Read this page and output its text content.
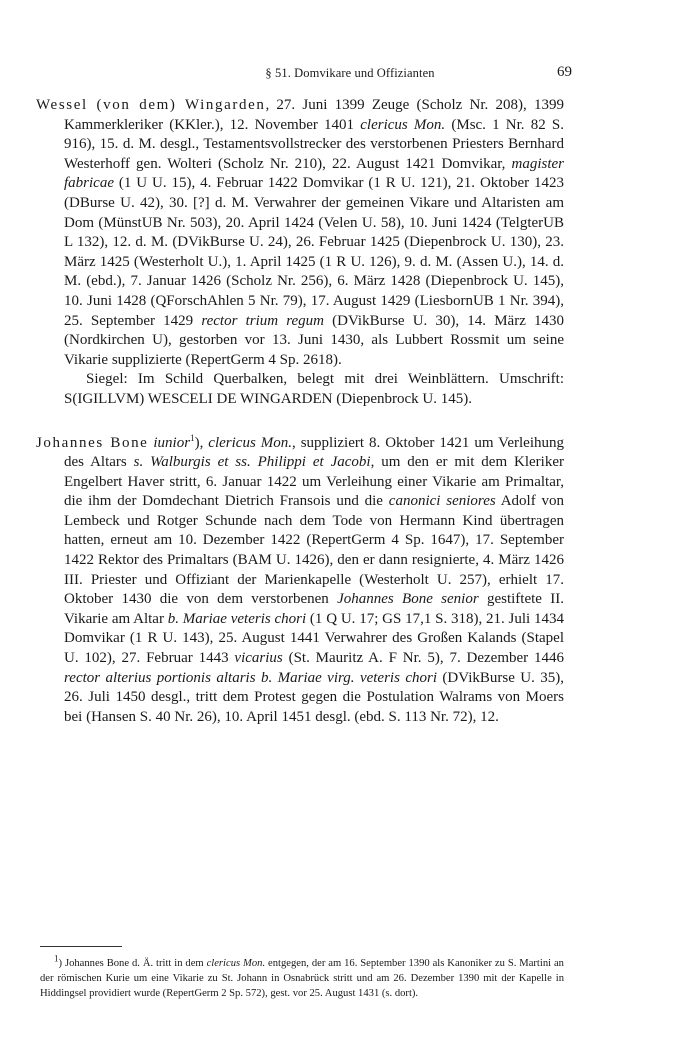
§ 51. Domvikare und Offizianten	69

Wessel (von dem) Wingarden, 27. Juni 1399 Zeuge (Scholz Nr. 208), 1399 Kammerkleriker (KKler.), 12. November 1401 clericus Mon. (Msc. 1 Nr. 82 S. 916), 15. d. M. desgl., Testamentsvollstrecker des verstorbenen Priesters Bernhard Westerhoff gen. Wolteri (Scholz Nr. 210), 22. August 1421 Domvikar, magister fabricae (1 U U. 15), 4. Februar 1422 Domvikar (1 R U. 121), 21. Oktober 1423 (DBurse U. 42), 30. [?] d. M. Verwahrer der gemeinen Vikare und Altaristen am Dom (MünstUB Nr. 503), 20. April 1424 (Velen U. 58), 10. Juni 1424 (TelgterUB L 132), 12. d. M. (DVikBurse U. 24), 26. Februar 1425 (Diepenbrock U. 130), 23. März 1425 (Westerholt U.), 1. April 1425 (1 R U. 126), 9. d. M. (Assen U.), 14. d. M. (ebd.), 7. Januar 1426 (Scholz Nr. 256), 6. März 1428 (Diepenbrock U. 145), 10. Juni 1428 (QForschAhlen 5 Nr. 79), 17. August 1429 (LiesbornUB 1 Nr. 394), 25. September 1429 rector trium regum (DVikBurse U. 30), 14. März 1430 (Nordkirchen U), gestorben vor 13. Juni 1430, als Lubbert Rossmit um seine Vikarie supplizierte (RepertGerm 4 Sp. 2618).

Siegel: Im Schild Querbalken, belegt mit drei Weinblättern. Umschrift: S(IGILLVM) WESCELI DE WINGARDEN (Diepenbrock U. 145).

Johannes Bone iunior$^1$), clericus Mon., suppliziert 8. Oktober 1421 um Verleihung des Altars s. Walburgis et ss. Philippi et Jacobi, um den er mit dem Kleriker Engelbert Haver stritt, 6. Januar 1422 um Verleihung einer Vikarie am Primaltar, die ihm der Domdechant Dietrich Fransois und die canonici seniores Adolf von Lembeck und Rotger Schunde nach dem Tode von Hermann Kind übertragen hatten, erneut am 10. Dezember 1422 (RepertGerm 4 Sp. 1647), 17. September 1422 Rektor des Primaltars (BAM U. 1426), den er dann resignierte, 4. März 1426 III. Priester und Offiziant der Marienkapelle (Westerholt U. 257), erhielt 17. Oktober 1430 die von dem verstorbenen Johannes Bone senior gestiftete II. Vikarie am Altar b. Mariae veteris chori (1 Q U. 17; GS 17,1 S. 318), 21. Juli 1434 Domvikar (1 R U. 143), 25. August 1441 Verwahrer des Großen Kalands (Stapel U. 102), 27. Februar 1443 vicarius (St. Mauritz A. F Nr. 5), 7. Dezember 1446 rector alterius portionis altaris b. Mariae virg. veteris chori (DVikBurse U. 35), 26. Juli 1450 desgl., tritt dem Protest gegen die Postulation Walrams von Moers bei (Hansen S. 40 Nr. 26), 10. April 1451 desgl. (ebd. S. 113 Nr. 72), 12.

$^1$) Johannes Bone d. Ä. tritt in dem clericus Mon. entgegen, der am 16. September 1390 als Kanoniker zu S. Martini an der römischen Kurie um eine Vikarie zu St. Johann in Osnabrück stritt und am 26. Dezember 1390 mit der Kapelle in Hiddingsel providiert wurde (RepertGerm 2 Sp. 572), gest. vor 25. August 1431 (s. dort).
